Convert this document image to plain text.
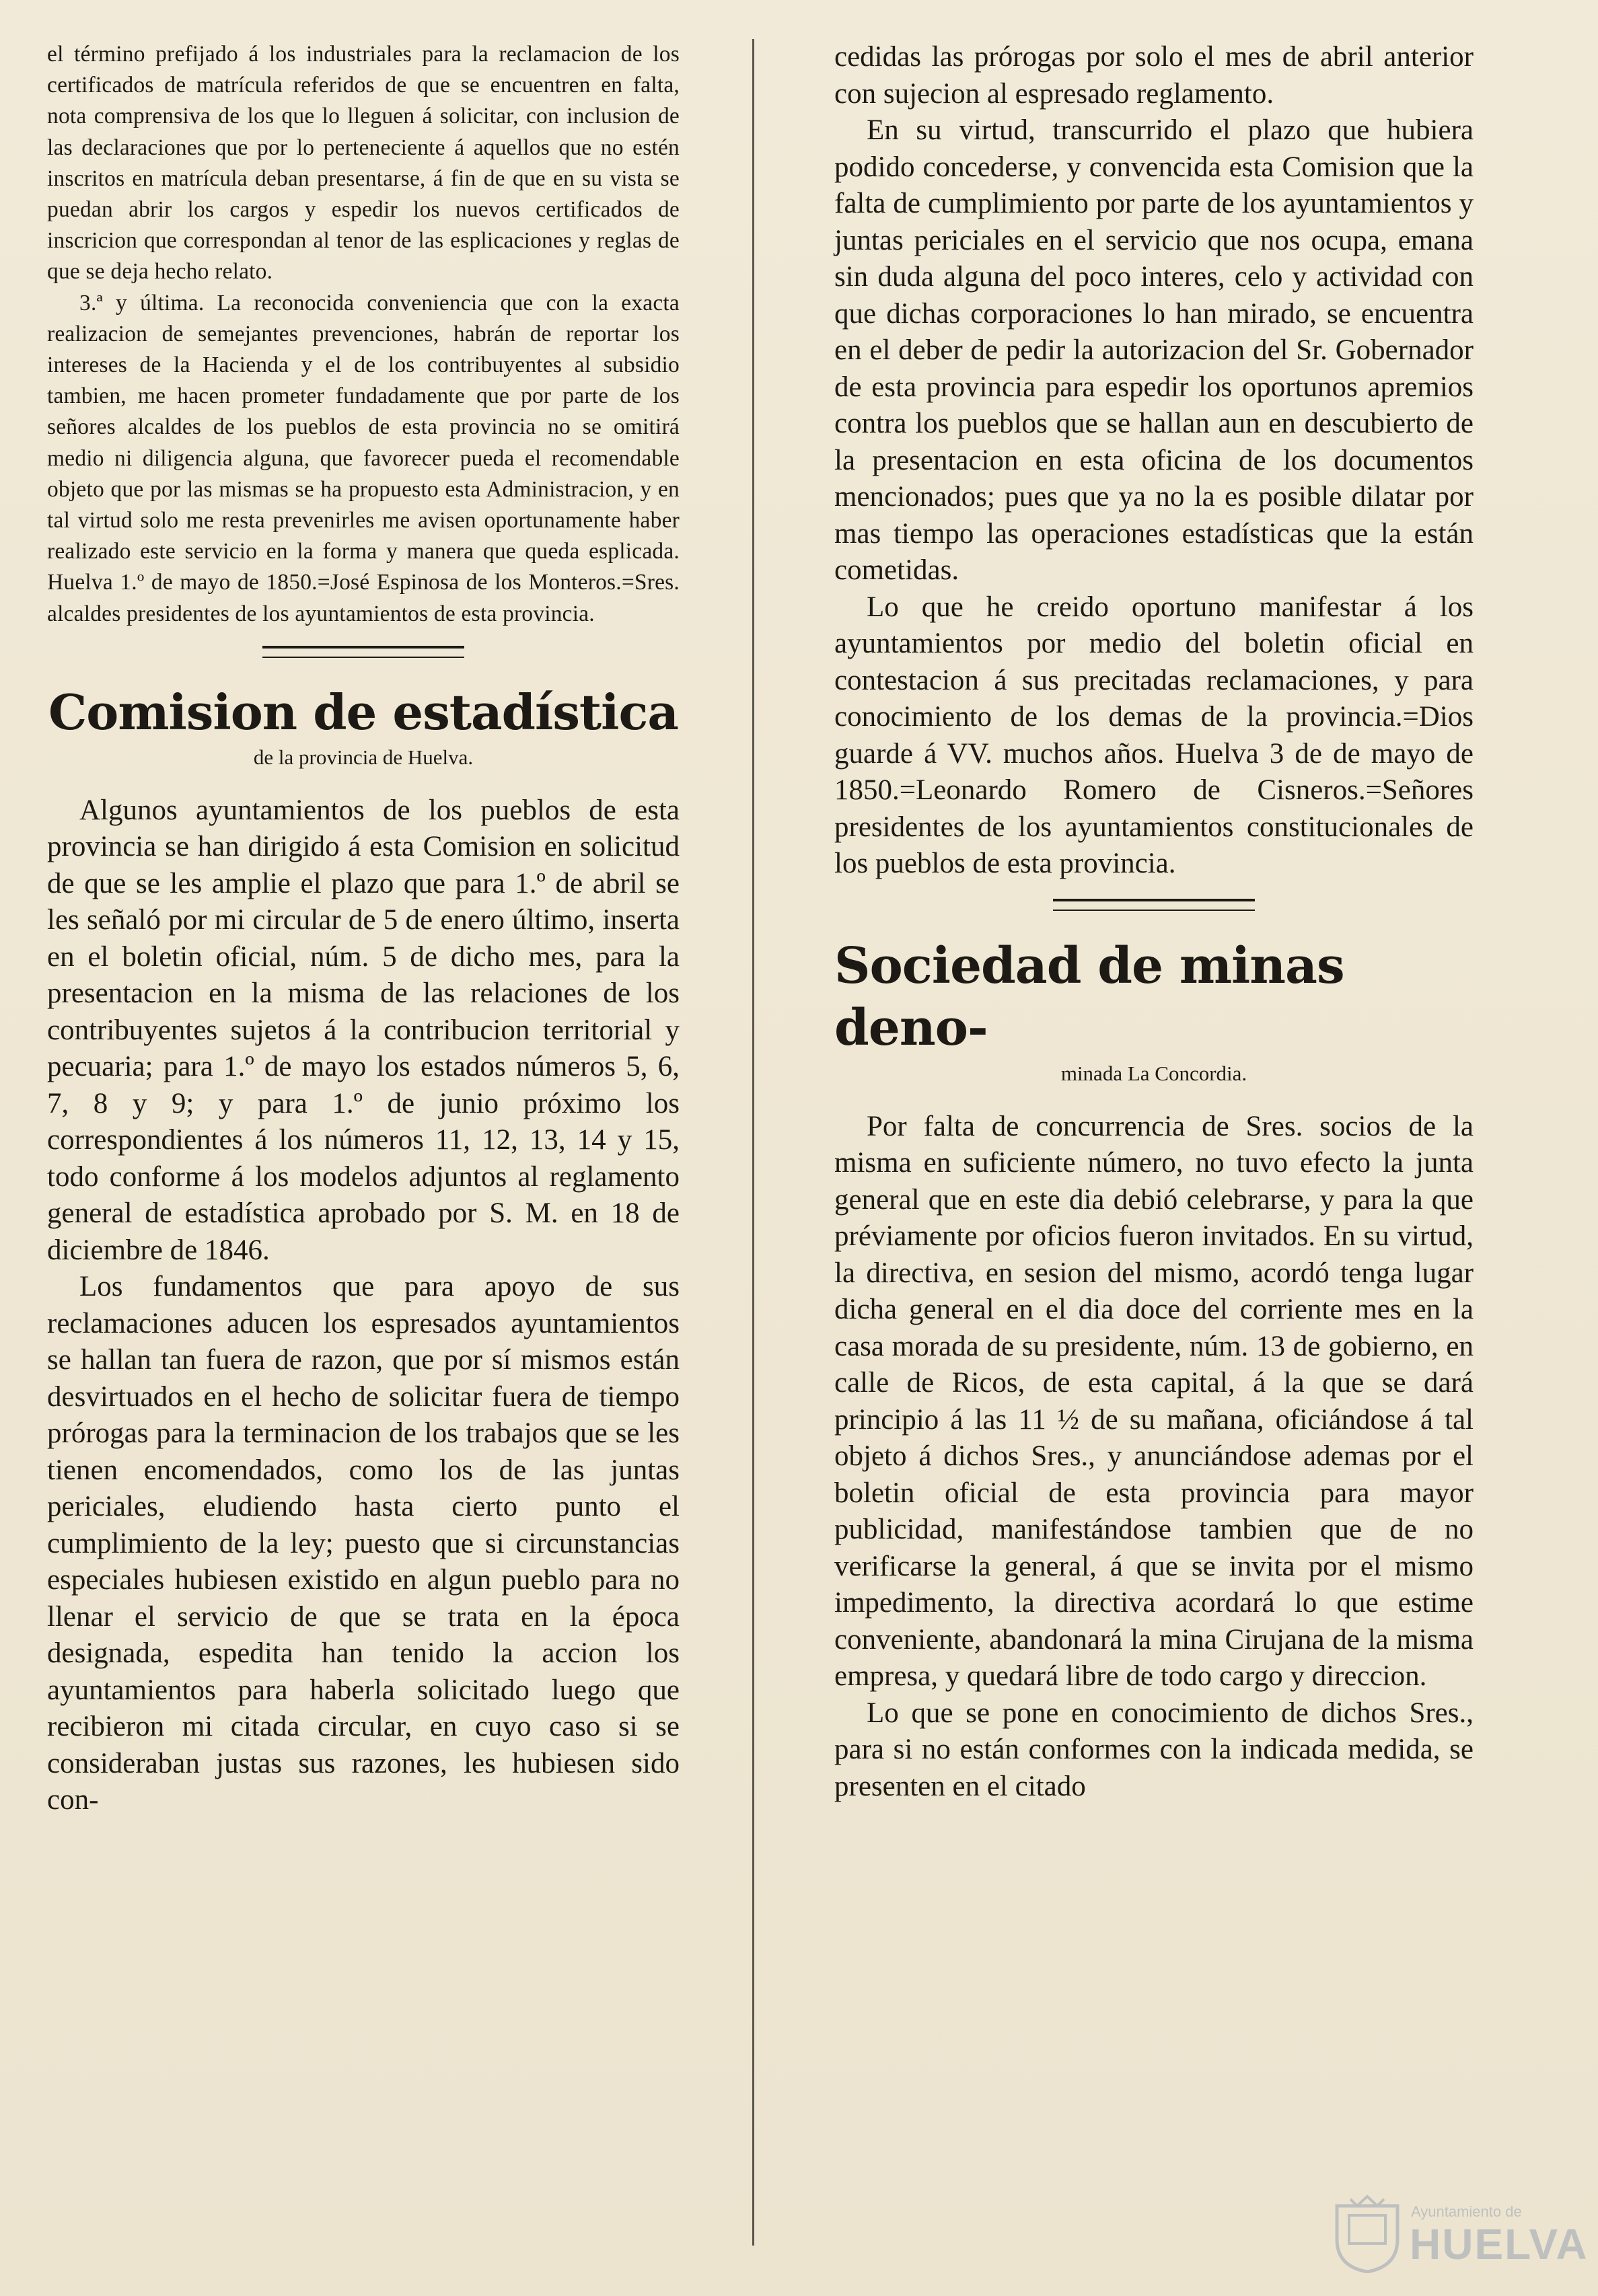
el término prefijado á los industriales para la reclamacion de los certificados de matrícula referidos de que se encuentren en falta, nota comprensiva de los que lo lleguen á solicitar, con inclusion de las declaraciones que por lo perteneciente á aquellos que no estén inscritos en matrícula deban presentarse, á fin de que en su vista se puedan abrir los cargos y espedir los nuevos certificados de inscricion que correspondan al tenor de las esplicaciones y reglas de que se deja hecho relato.

3.ª y última. La reconocida conveniencia que con la exacta realizacion de semejantes prevenciones, habrán de reportar los intereses de la Hacienda y el de los contribuyentes al subsidio tambien, me hacen prometer fundadamente que por parte de los señores alcaldes de los pueblos de esta provincia no se omitirá medio ni diligencia alguna, que favorecer pueda el recomendable objeto que por las mismas se ha propuesto esta Administracion, y en tal virtud solo me resta prevenirles me avisen oportunamente haber realizado este servicio en la forma y manera que queda esplicada. Huelva 1.º de mayo de 1850.=José Espinosa de los Monteros.=Sres. alcaldes presidentes de los ayuntamientos de esta provincia.

Comision de estadística
de la provincia de Huelva.

Algunos ayuntamientos de los pueblos de esta provincia se han dirigido á esta Comision en solicitud de que se les amplie el plazo que para 1.º de abril se les señaló por mi circular de 5 de enero último, inserta en el boletin oficial, núm. 5 de dicho mes, para la presentacion en la misma de las relaciones de los contribuyentes sujetos á la contribucion territorial y pecuaria; para 1.º de mayo los estados números 5, 6, 7, 8 y 9; y para 1.º de junio próximo los correspondientes á los números 11, 12, 13, 14 y 15, todo conforme á los modelos adjuntos al reglamento general de estadística aprobado por S. M. en 18 de diciembre de 1846.

Los fundamentos que para apoyo de sus reclamaciones aducen los espresados ayuntamientos se hallan tan fuera de razon, que por sí mismos están desvirtuados en el hecho de solicitar fuera de tiempo prórogas para la terminacion de los trabajos que se les tienen encomendados, como los de las juntas periciales, eludiendo hasta cierto punto el cumplimiento de la ley; puesto que si circunstancias especiales hubiesen existido en algun pueblo para no llenar el servicio de que se trata en la época designada, espedita han tenido la accion los ayuntamientos para haberla solicitado luego que recibieron mi citada circular, en cuyo caso si se consideraban justas sus razones, les hubiesen sido con-

cedidas las prórogas por solo el mes de abril anterior con sujecion al espresado reglamento.

En su virtud, transcurrido el plazo que hubiera podido concederse, y convencida esta Comision que la falta de cumplimiento por parte de los ayuntamientos y juntas periciales en el servicio que nos ocupa, emana sin duda alguna del poco interes, celo y actividad con que dichas corporaciones lo han mirado, se encuentra en el deber de pedir la autorizacion del Sr. Gobernador de esta provincia para espedir los oportunos apremios contra los pueblos que se hallan aun en descubierto de la presentacion en esta oficina de los documentos mencionados; pues que ya no la es posible dilatar por mas tiempo las operaciones estadísticas que la están cometidas.

Lo que he creido oportuno manifestar á los ayuntamientos por medio del boletin oficial en contestacion á sus precitadas reclamaciones, y para conocimiento de los demas de la provincia.=Dios guarde á VV. muchos años. Huelva 3 de de mayo de 1850.=Leonardo Romero de Cisneros.=Señores presidentes de los ayuntamientos constitucionales de los pueblos de esta provincia.

Sociedad de minas deno-
minada La Concordia.

Por falta de concurrencia de Sres. socios de la misma en suficiente número, no tuvo efecto la junta general que en este dia debió celebrarse, y para la que préviamente por oficios fueron invitados. En su virtud, la directiva, en sesion del mismo, acordó tenga lugar dicha general en el dia doce del corriente mes en la casa morada de su presidente, núm. 13 de gobierno, en calle de Ricos, de esta capital, á la que se dará principio á las 11 ½ de su mañana, oficiándose á tal objeto á dichos Sres., y anunciándose ademas por el boletin oficial de esta provincia para mayor publicidad, manifestándose tambien que de no verificarse la general, á que se invita por el mismo impedimento, la directiva acordará lo que estime conveniente, abandonará la mina Cirujana de la misma empresa, y quedará libre de todo cargo y direccion.

Lo que se pone en conocimiento de dichos Sres., para si no están conformes con la indicada medida, se presenten en el citado

Ayuntamiento de
HUELVA
